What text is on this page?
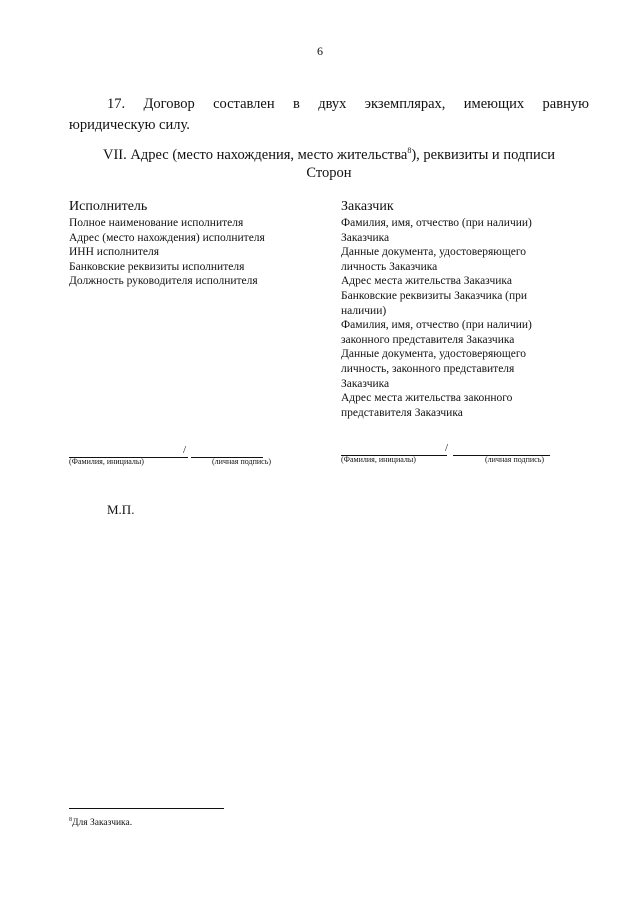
6
17. Договор составлен в двух экземплярах, имеющих равную
юридическую силу.
VII. Адрес (место нахождения, место жительства$^8$), реквизиты и подписи
Сторон
Исполнитель
Полное наименование исполнителя
Адрес (место нахождения) исполнителя
ИНН исполнителя
Банковские реквизиты исполнителя
Должность руководителя исполнителя
Заказчик
Фамилия, имя, отчество (при наличии)
Заказчика
Данные документа, удостоверяющего
личность Заказчика
Адрес места жительства Заказчика
Банковские реквизиты Заказчика (при
наличии)
Фамилия, имя, отчество (при наличии)
законного представителя Заказчика
Данные документа, удостоверяющего
личность, законного представителя
Заказчика
Адрес места жительства законного
представителя Заказчика
/
(Фамилия, инициалы)	(личная подпись)
/
(Фамилия, инициалы)	(личная подпись)
М.П.
$^8$Для Заказчика.
